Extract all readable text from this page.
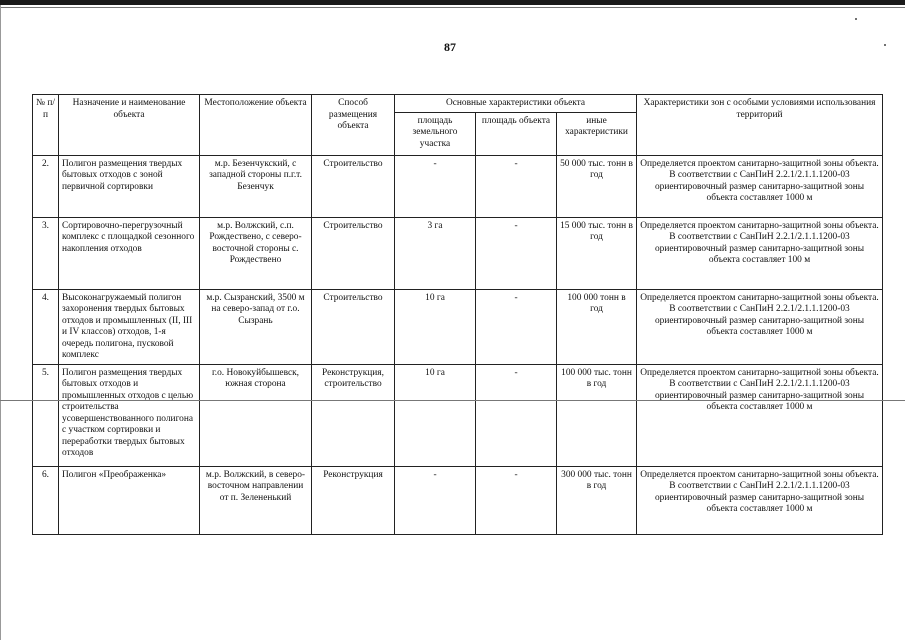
87
№ п/п	Назначение и наименование объекта	Местоположение объекта	Способ размещения объекта	Основные характеристики объекта			Характеристики зон с особыми условиями использования территорий
				площадь земельного участка	площадь объекта	иные характеристики	
2.	Полигон размещения твердых бытовых отходов с зоной первичной сортировки	м.р. Безенчукский, с западной стороны п.г.т. Безенчук	Строительство	-	-	50 000 тыс. тонн в год	Определяется проектом санитарно-защитной зоны объекта. В соответствии с СанПиН 2.2.1/2.1.1.1200-03 ориентировочный размер санитарно-защитной зоны объекта составляет 1000 м
3.	Сортировочно-перегрузочный комплекс с площадкой сезонного накопления отходов	м.р. Волжский, с.п. Рождествено, с северо-восточной стороны с. Рождествено	Строительство	3 га	-	15 000 тыс. тонн в год	Определяется проектом санитарно-защитной зоны объекта. В соответствии с СанПиН 2.2.1/2.1.1.1200-03 ориентировочный размер санитарно-защитной зоны объекта составляет 100 м
4.	Высоконагружаемый полигон захоронения твердых бытовых отходов и промышленных (II, III и IV классов) отходов, 1-я очередь полигона, пусковой комплекс	м.р. Сызранский, 3500 м на северо-запад от г.о. Сызрань	Строительство	10 га	-	100 000 тонн в год	Определяется проектом санитарно-защитной зоны объекта. В соответствии с СанПиН 2.2.1/2.1.1.1200-03 ориентировочный размер санитарно-защитной зоны объекта составляет 1000 м
5.	Полигон размещения твердых бытовых отходов и промышленных отходов с целью строительства усовершенствованного полигона с участком сортировки и переработки твердых бытовых отходов	г.о. Новокуйбышевск, южная сторона	Реконструкция, строительство	10 га	-	100 000 тыс. тонн в год	Определяется проектом санитарно-защитной зоны объекта. В соответствии с СанПиН 2.2.1/2.1.1.1200-03 ориентировочный размер санитарно-защитной зоны объекта составляет 1000 м
6.	Полигон «Преображенка»	м.р. Волжский, в северо-восточном направлении от п. Зелененький	Реконструкция	-	-	300 000 тыс. тонн в год	Определяется проектом санитарно-защитной зоны объекта. В соответствии с СанПиН 2.2.1/2.1.1.1200-03 ориентировочный размер санитарно-защитной зоны объекта составляет 1000 м
